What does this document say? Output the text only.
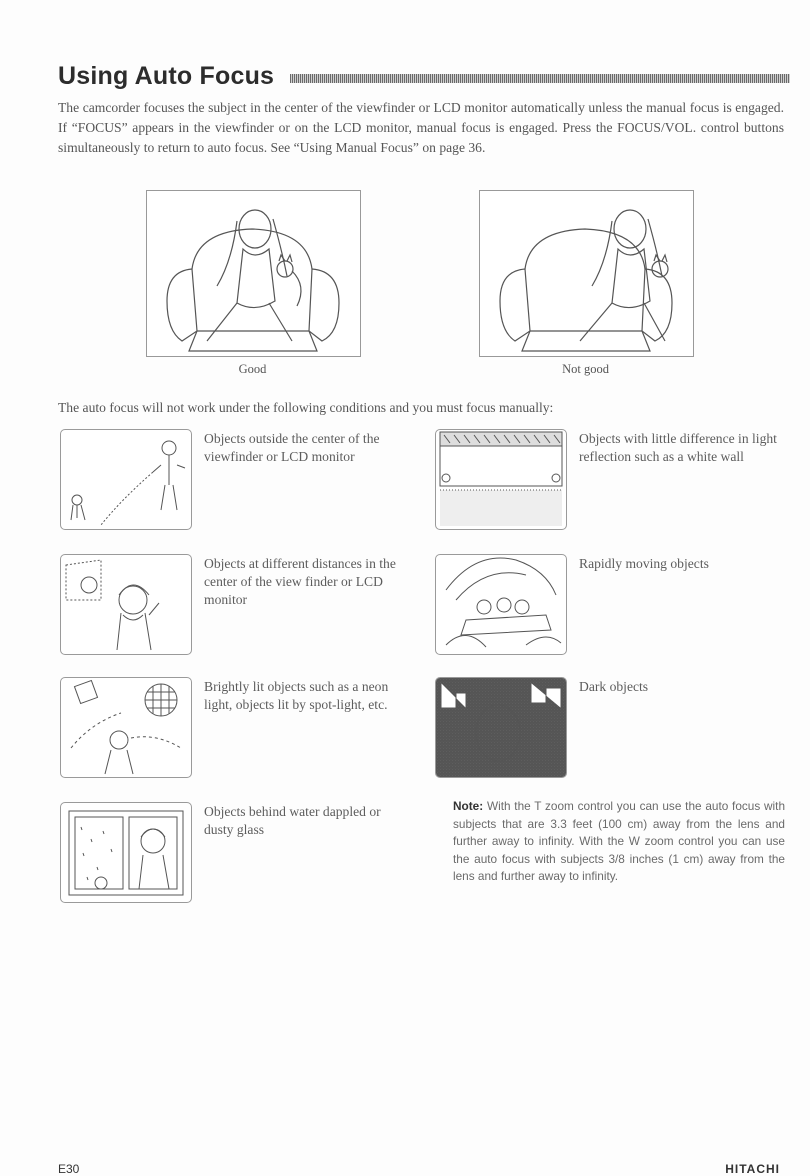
Using Auto Focus

The camcorder focuses the subject in the center of the viewfinder or LCD monitor automatically unless the manual focus is engaged. If “FOCUS” appears in the viewfinder or on the LCD monitor, manual focus is engaged. Press the FOCUS/VOL. control buttons simultaneously to return to auto focus. See “Using Manual Focus” on page 36.

Good	Not good

The auto focus will not work under the following conditions and you must focus manually:

Objects outside the center of the viewfinder or LCD monitor

Objects with little difference in light reflection such as a white wall

Objects at different distances in the center of the view finder or LCD monitor

Rapidly moving objects

Brightly lit objects such as a neon light, objects lit by spot-light, etc.

Dark objects

Objects behind water dappled or dusty glass

Note: With the T zoom control you can use the auto focus with subjects that are 3.3 feet (100 cm) away from the lens and further away to infinity. With the W zoom control you can use the auto focus with subjects 3/8 inches (1 cm) away from the lens and further away to infinity.

E30	HITACHI
